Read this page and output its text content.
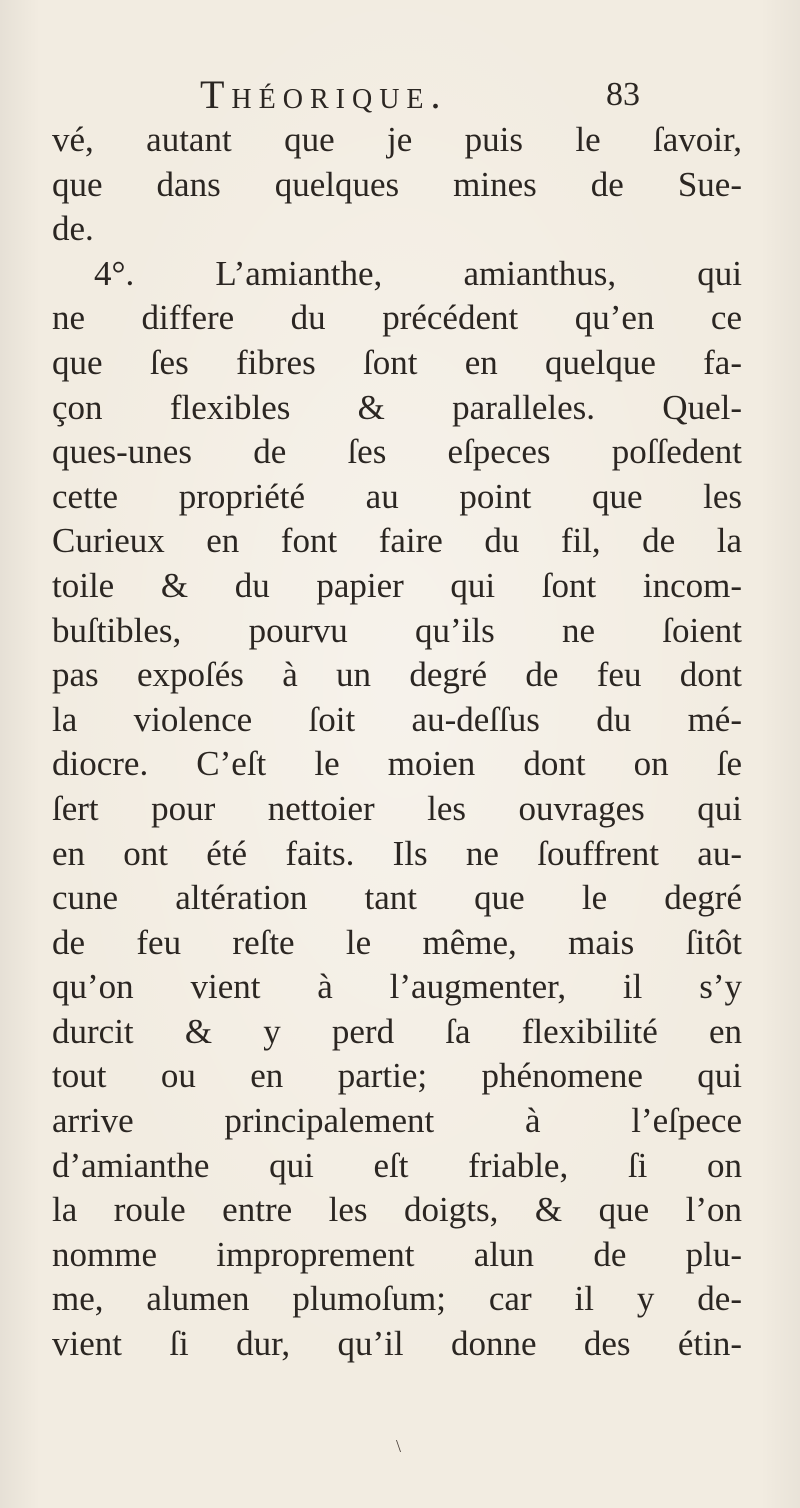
Théorique.	83
vé, autant que je puis le ſavoir,
que dans quelques mines de Sue-
de.
4°. L’amianthe, amianthus, qui
ne differe du précédent qu’en ce
que ſes fibres ſont en quelque fa-
çon flexibles & paralleles. Quel-
ques-unes de ſes eſpeces poſſedent
cette propriété au point que les
Curieux en font faire du fil, de la
toile & du papier qui ſont incom-
buſtibles, pourvu qu’ils ne ſoient
pas expoſés à un degré de feu dont
la violence ſoit au-deſſus du mé-
diocre. C’eſt le moien dont on ſe
ſert pour nettoier les ouvrages qui
en ont été faits. Ils ne ſouffrent au-
cune altération tant que le degré
de feu reſte le même, mais ſitôt
qu’on vient à l’augmenter, il s’y
durcit & y perd ſa flexibilité en
tout ou en partie; phénomene qui
arrive principalement à l’eſpece
d’amianthe qui eſt friable, ſi on
la roule entre les doigts, & que l’on
nomme improprement alun de plu-
me, alumen plumoſum; car il y de-
vient ſi dur, qu’il donne des étin-
\
